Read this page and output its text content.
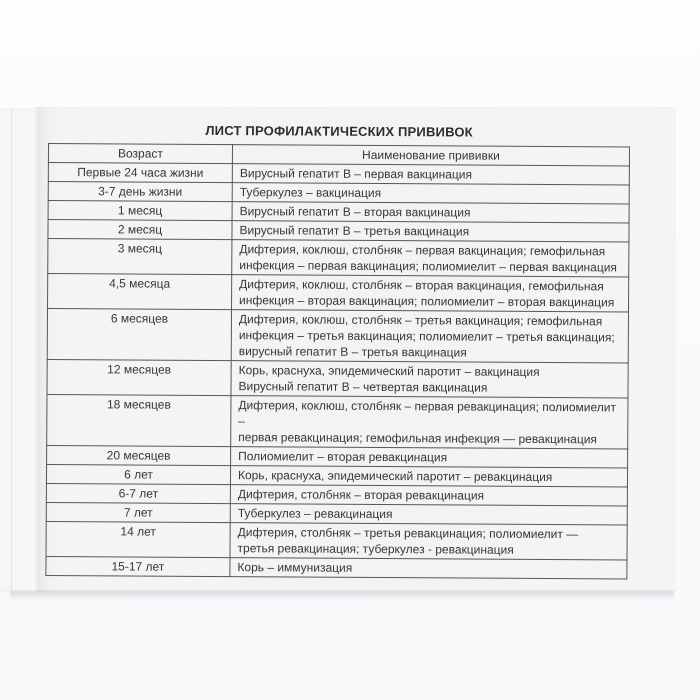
ЛИСТ ПРОФИЛАКТИЧЕСКИХ ПРИВИВОК
Возраст	Наименование прививки
Первые 24 часа жизни	Вирусный гепатит В – первая вакцинация
3-7 день жизни	Туберкулез – вакцинация
1 месяц	Вирусный гепатит В – вторая вакцинация
2 месяц	Вирусный гепатит В – третья вакцинация
3 месяц	Дифтерия, коклюш, столбняк – первая вакцинация; гемофильная
инфекция – первая вакцинация; полиомиелит – первая вакцинация
4,5 месяца	Дифтерия, коклюш, столбняк – вторая вакцинация, гемофильная
инфекция – вторая вакцинация; полиомиелит – вторая вакцинация
6 месяцев	Дифтерия, коклюш, столбняк – третья вакцинация; гемофильная
инфекция – третья вакцинация; полиомиелит – третья вакцинация;
вирусный гепатит В – третья вакцинация
12 месяцев	Корь, краснуха, эпидемический паротит – вакцинация
Вирусный гепатит В – четвертая вакцинация
18 месяцев	Дифтерия, коклюш, столбняк – первая ревакцинация; полиомиелит –
первая ревакцинация; гемофильная инфекция — ревакцинация
20 месяцев	Полиомиелит – вторая ревакцинация
6 лет	Корь, краснуха, эпидемический паротит – ревакцинация
6-7 лет	Дифтерия, столбняк – вторая ревакцинация
7 лет	Туберкулез – ревакцинация
14 лет	Дифтерия, столбняк – третья ревакцинация; полиомиелит —
третья ревакцинация; туберкулез - ревакцинация
15-17 лет	Корь – иммунизация
